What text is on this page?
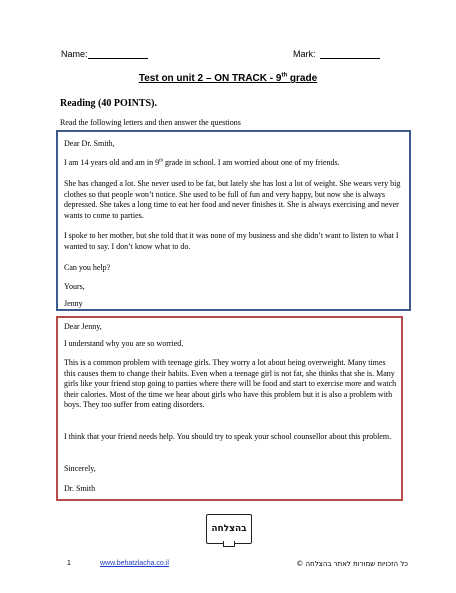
Name:	Mark:
Test on unit 2 – ON TRACK - 9th grade
Reading (40 POINTS).
Read the following letters and then answer the questions

Dear Dr. Smith,

I am 14 years old and am in 9th grade in school. I am worried about one of my friends.

She has changed a lot. She never used to be fat, but lately she has lost a lot of weight. She wears very big clothes so that people won’t notice. She used to be full of fun and very happy, but now she is always depressed. She takes a long time to eat her food and never finishes it. She is always exercising and never wants to come to parties.

I spoke to her mother, but she told that it was none of my business and she didn’t want to listen to what I wanted to say. I don’t know what to do.

Can you help?

Yours,

Jenny

Dear Jenny,

I understand why you are so worried.

This is a common problem with teenage girls. They worry a lot about being overweight. Many times this causes them to change their habits. Even when a teenage girl is not fat, she thinks that she is. Many girls like your friend stop going to parties where there will be food and start to exercise more and watch their calories. Most of the time we hear about girls who have this problem but it is also a problem with boys. They too suffer from eating disorders.

I think that your friend needs help. You should try to speak your school counsellor about this problem.

Sincerely,

Dr. Smith

בהצלחה
1	www.behatzlacha.co.il	כל הזכויות שמורות לאתר בהצלחה ©
